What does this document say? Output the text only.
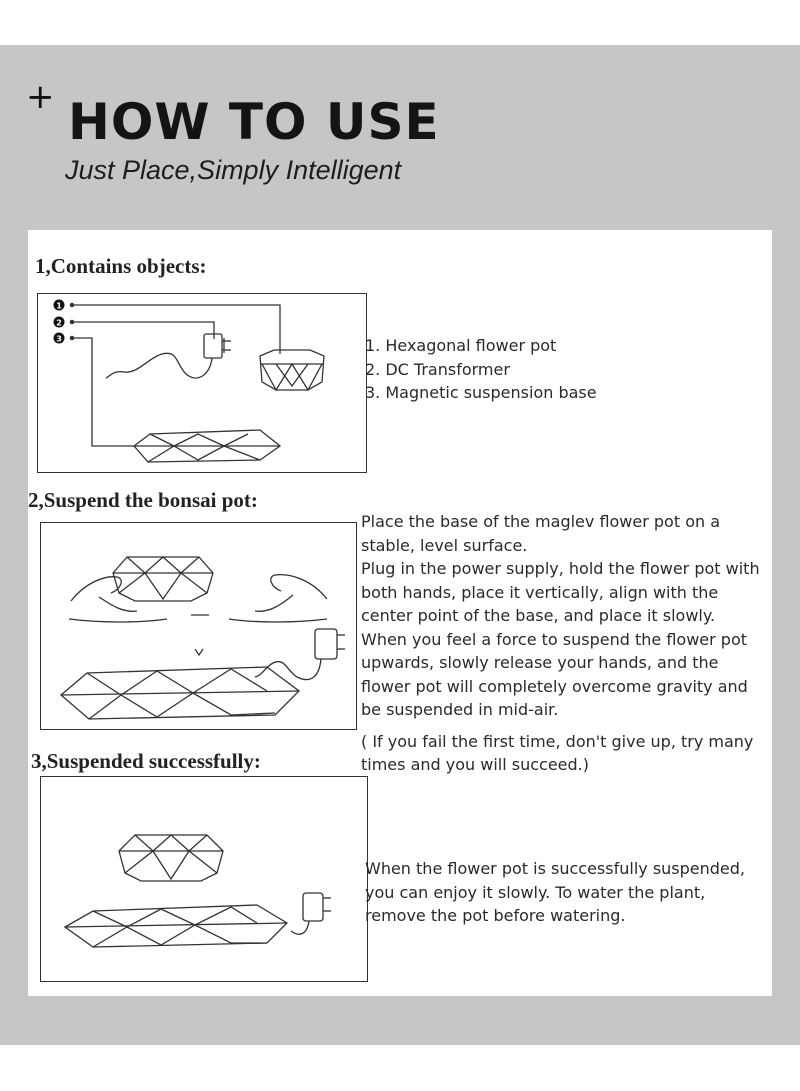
+ HOW TO USE
Just Place,Simply Intelligent
1,Contains objects:
1
2
3	1. Hexagonal flower pot
2. DC Transformer
3. Magnetic suspension base
2,Suspend the bonsai pot:

Place the base of the maglev flower pot on a stable, level surface.

Plug in the power supply, hold the flower pot with both hands, place it vertically, align with the center point of the base, and place it slowly.

When you feel a force to suspend the flower pot upwards, slowly release your hands, and the flower pot will completely overcome gravity and be suspended in mid-air.

( If you fail the first time, don't give up, try many times and you will succeed.)

3,Suspended successfully:

When the flower pot is successfully suspended, you can enjoy it slowly. To water the plant, remove the pot before watering.
